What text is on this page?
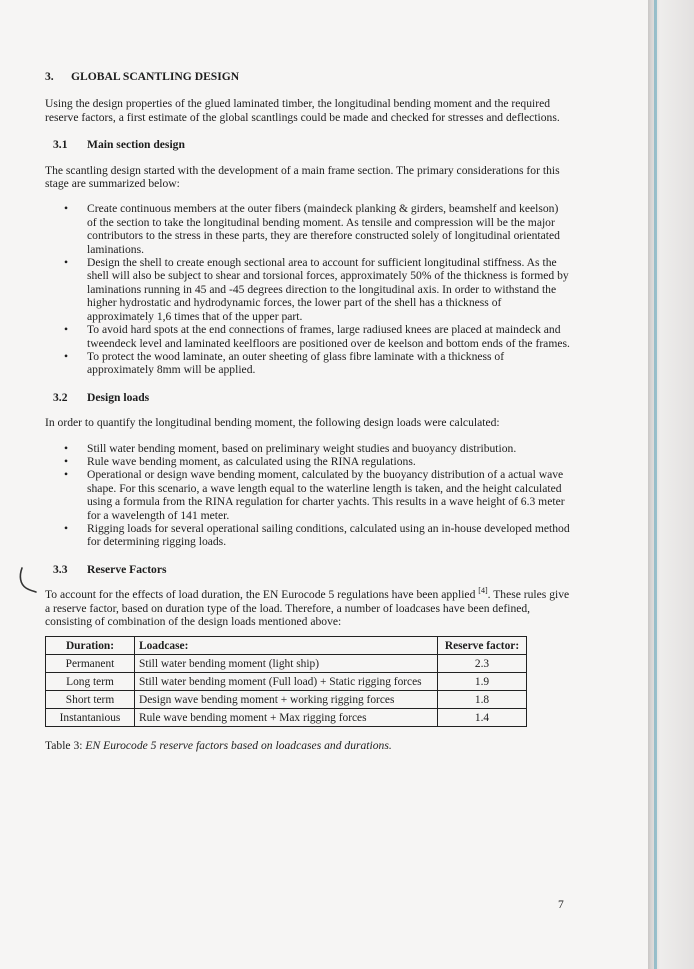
3. GLOBAL SCANTLING DESIGN

Using the design properties of the glued laminated timber, the longitudinal bending moment and the required reserve factors, a first estimate of the global scantlings could be made and checked for stresses and deflections.

3.1 Main section design

The scantling design started with the development of a main frame section. The primary considerations for this stage are summarized below:

• Create continuous members at the outer fibers (maindeck planking & girders, beamshelf and keelson) of the section to take the longitudinal bending moment. As tensile and compression will be the major contributors to the stress in these parts, they are therefore constructed solely of longitudinal orientated laminations.
• Design the shell to create enough sectional area to account for sufficient longitudinal stiffness. As the shell will also be subject to shear and torsional forces, approximately 50% of the thickness is formed by laminations running in 45 and -45 degrees direction to the longitudinal axis. In order to withstand the higher hydrostatic and hydrodynamic forces, the lower part of the shell has a thickness of approximately 1,6 times that of the upper part.
• To avoid hard spots at the end connections of frames, large radiused knees are placed at maindeck and tweendeck level and laminated keelfloors are positioned over de keelson and bottom ends of the frames.
• To protect the wood laminate, an outer sheeting of glass fibre laminate with a thickness of approximately 8mm will be applied.
3.2 Design loads

In order to quantify the longitudinal bending moment, the following design loads were calculated:

• Still water bending moment, based on preliminary weight studies and buoyancy distribution.
• Rule wave bending moment, as calculated using the RINA regulations.
• Operational or design wave bending moment, calculated by the buoyancy distribution of a actual wave shape. For this scenario, a wave length equal to the waterline length is taken, and the height calculated using a formula from the RINA regulation for charter yachts. This results in a wave height of 6.3 meter for a wavelength of 141 meter.
• Rigging loads for several operational sailing conditions, calculated using an in-house developed method for determining rigging loads.
3.3 Reserve Factors

To account for the effects of load duration, the EN Eurocode 5 regulations have been applied [4]. These rules give a reserve factor, based on duration type of the load. Therefore, a number of loadcases have been defined, consisting of combination of the design loads mentioned above:

Duration:	Loadcase:	Reserve factor:
Permanent	Still water bending moment (light ship)	2.3
Long term	Still water bending moment (Full load) + Static rigging forces	1.9
Short term	Design wave bending moment + working rigging forces	1.8
Instantanious	Rule wave bending moment + Max rigging forces	1.4
Table 3: EN Eurocode 5 reserve factors based on loadcases and durations.
7
